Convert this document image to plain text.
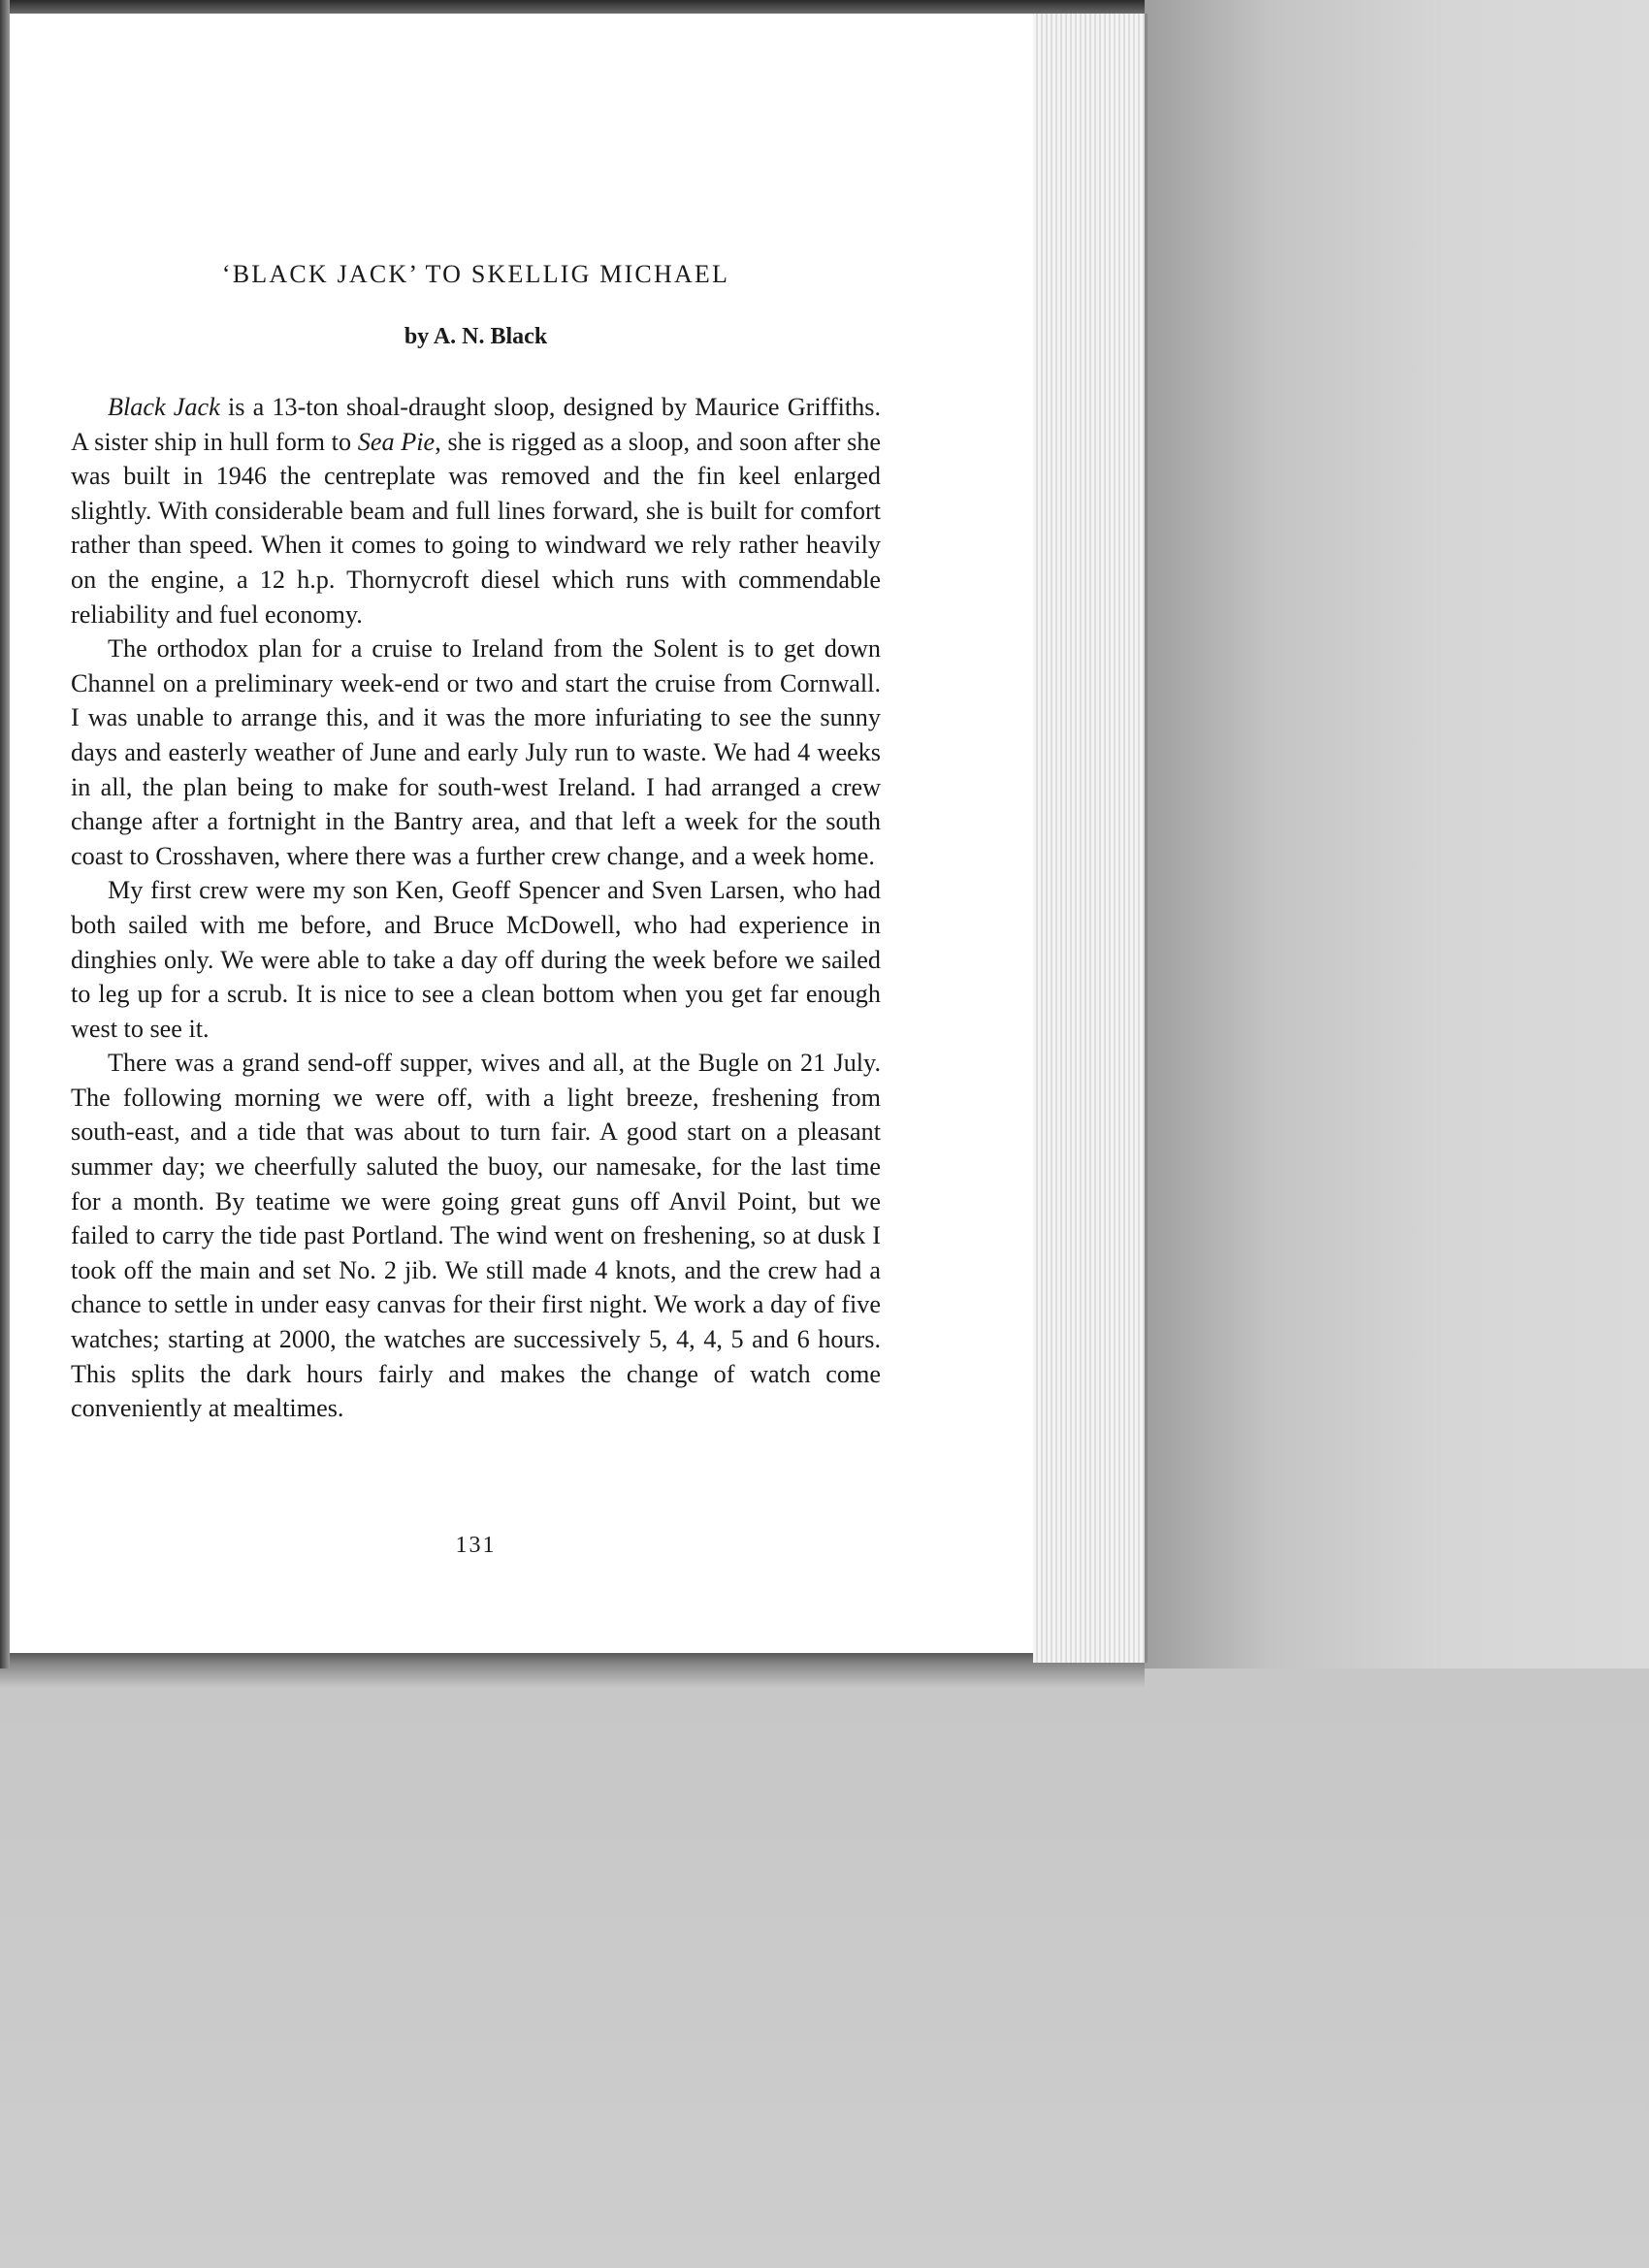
‘BLACK JACK’ TO SKELLIG MICHAEL

by A. N. Black

Black Jack is a 13-ton shoal-draught sloop, designed by Maurice Griffiths. A sister ship in hull form to Sea Pie, she is rigged as a sloop, and soon after she was built in 1946 the centreplate was removed and the fin keel enlarged slightly. With considerable beam and full lines forward, she is built for comfort rather than speed. When it comes to going to windward we rely rather heavily on the engine, a 12 h.p. Thornycroft diesel which runs with commendable reliability and fuel economy.

The orthodox plan for a cruise to Ireland from the Solent is to get down Channel on a preliminary week-end or two and start the cruise from Cornwall. I was unable to arrange this, and it was the more infuriating to see the sunny days and easterly weather of June and early July run to waste. We had 4 weeks in all, the plan being to make for south-west Ireland. I had arranged a crew change after a fortnight in the Bantry area, and that left a week for the south coast to Crosshaven, where there was a further crew change, and a week home.

My first crew were my son Ken, Geoff Spencer and Sven Larsen, who had both sailed with me before, and Bruce McDowell, who had experience in dinghies only. We were able to take a day off during the week before we sailed to leg up for a scrub. It is nice to see a clean bottom when you get far enough west to see it.

There was a grand send-off supper, wives and all, at the Bugle on 21 July. The following morning we were off, with a light breeze, freshening from south-east, and a tide that was about to turn fair. A good start on a pleasant summer day; we cheerfully saluted the buoy, our namesake, for the last time for a month. By teatime we were going great guns off Anvil Point, but we failed to carry the tide past Portland. The wind went on freshening, so at dusk I took off the main and set No. 2 jib. We still made 4 knots, and the crew had a chance to settle in under easy canvas for their first night. We work a day of five watches; starting at 2000, the watches are successively 5, 4, 4, 5 and 6 hours. This splits the dark hours fairly and makes the change of watch come conveniently at mealtimes.

131
